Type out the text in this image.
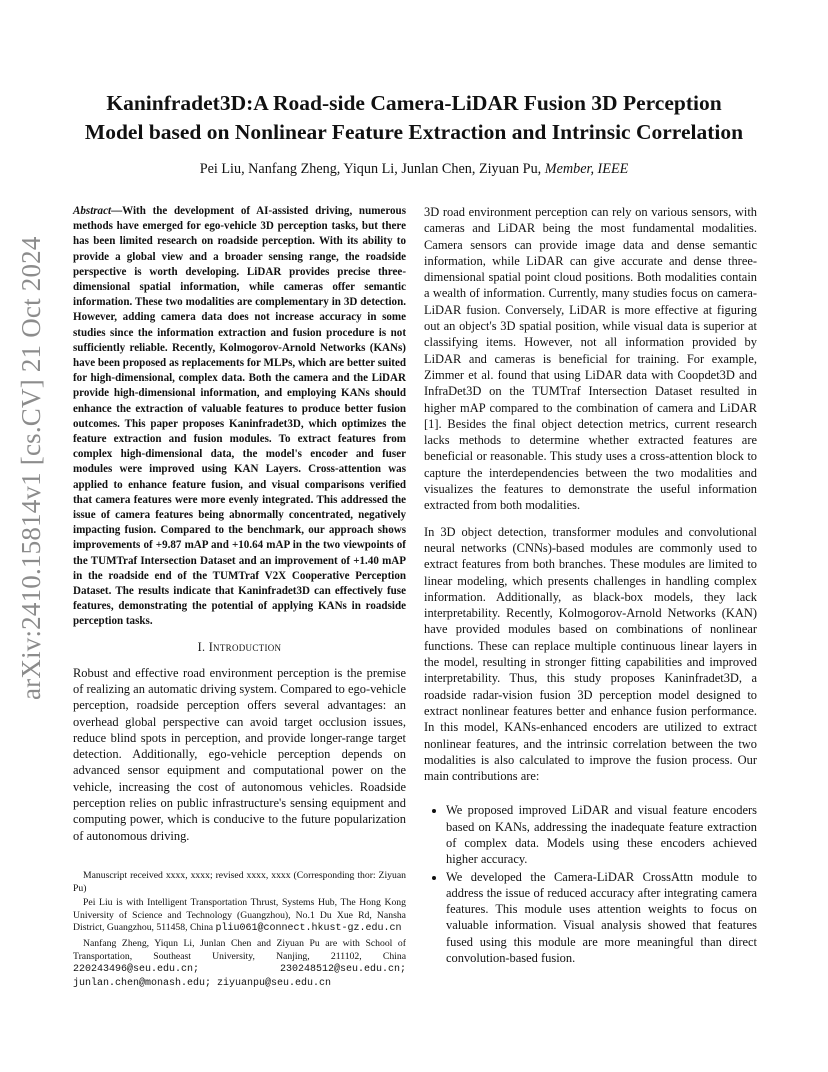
arXiv:2410.15814v1 [cs.CV] 21 Oct 2024
Kaninfradet3D:A Road-side Camera-LiDAR Fusion 3D Perception
Model based on Nonlinear Feature Extraction and Intrinsic Correlation
Pei Liu, Nanfang Zheng, Yiqun Li, Junlan Chen, Ziyuan Pu, Member, IEEE
Abstract—With the development of AI-assisted driving, numerous methods have emerged for ego-vehicle 3D perception tasks, but there has been limited research on roadside perception. With its ability to provide a global view and a broader sensing range, the roadside perspective is worth developing. LiDAR provides precise three-dimensional spatial information, while cameras offer semantic information. These two modalities are complementary in 3D detection. However, adding camera data does not increase accuracy in some studies since the information extraction and fusion procedure is not sufficiently reliable. Recently, Kolmogorov-Arnold Networks (KANs) have been proposed as replacements for MLPs, which are better suited for high-dimensional, complex data. Both the camera and the LiDAR provide high-dimensional information, and employing KANs should enhance the extraction of valuable features to produce better fusion outcomes. This paper proposes Kaninfradet3D, which optimizes the feature extraction and fusion modules. To extract features from complex high-dimensional data, the model's encoder and fuser modules were improved using KAN Layers. Cross-attention was applied to enhance feature fusion, and visual comparisons verified that camera features were more evenly integrated. This addressed the issue of camera features being abnormally concentrated, negatively impacting fusion. Compared to the benchmark, our approach shows improvements of +9.87 mAP and +10.64 mAP in the two viewpoints of the TUMTraf Intersection Dataset and an improvement of +1.40 mAP in the roadside end of the TUMTraf V2X Cooperative Perception Dataset. The results indicate that Kaninfradet3D can effectively fuse features, demonstrating the potential of applying KANs in roadside perception tasks.
I. Introduction

Robust and effective road environment perception is the premise of realizing an automatic driving system. Compared to ego-vehicle perception, roadside perception offers several advantages: an overhead global perspective can avoid target occlusion issues, reduce blind spots in perception, and provide longer-range target detection. Additionally, ego-vehicle perception depends on advanced sensor equipment and computational power on the vehicle, increasing the cost of autonomous vehicles. Roadside perception relies on public infrastructure's sensing equipment and computing power, which is conducive to the future popularization of autonomous driving.

Manuscript received xxxx, xxxx; revised xxxx, xxxx (Corresponding thor: Ziyuan Pu)

Pei Liu is with Intelligent Transportation Thrust, Systems Hub, The Hong Kong University of Science and Technology (Guangzhou), No.1 Du Xue Rd, Nansha District, Guangzhou, 511458, China pliu061@connect.hkust-gz.edu.cn

Nanfang Zheng, Yiqun Li, Junlan Chen and Ziyuan Pu are with School of Transportation, Southeast University, Nanjing, 211102, China 220243496@seu.edu.cn; 230248512@seu.edu.cn; junlan.chen@monash.edu; ziyuanpu@seu.edu.cn

3D road environment perception can rely on various sensors, with cameras and LiDAR being the most fundamental modalities. Camera sensors can provide image data and dense semantic information, while LiDAR can give accurate and dense three-dimensional spatial point cloud positions. Both modalities contain a wealth of information. Currently, many studies focus on camera-LiDAR fusion. Conversely, LiDAR is more effective at figuring out an object's 3D spatial position, while visual data is superior at classifying items. However, not all information provided by LiDAR and cameras is beneficial for training. For example, Zimmer et al. found that using LiDAR data with Coopdet3D and InfraDet3D on the TUMTraf Intersection Dataset resulted in higher mAP compared to the combination of camera and LiDAR [1]. Besides the final object detection metrics, current research lacks methods to determine whether extracted features are beneficial or reasonable. This study uses a cross-attention block to capture the interdependencies between the two modalities and visualizes the features to demonstrate the useful information extracted from both modalities.

In 3D object detection, transformer modules and convolutional neural networks (CNNs)-based modules are commonly used to extract features from both branches. These modules are limited to linear modeling, which presents challenges in handling complex information. Additionally, as black-box models, they lack interpretability. Recently, Kolmogorov-Arnold Networks (KAN) have provided modules based on combinations of nonlinear functions. These can replace multiple continuous linear layers in the model, resulting in stronger fitting capabilities and improved interpretability. Thus, this study proposes Kaninfradet3D, a roadside radar-vision fusion 3D perception model designed to extract nonlinear features better and enhance fusion performance. In this model, KANs-enhanced encoders are utilized to extract nonlinear features, and the intrinsic correlation between the two modalities is also calculated to improve the fusion process. Our main contributions are:

• We proposed improved LiDAR and visual feature encoders based on KANs, addressing the inadequate feature extraction of complex data. Models using these encoders achieved higher accuracy.
• We developed the Camera-LiDAR CrossAttn module to address the issue of reduced accuracy after integrating camera features. This module uses attention weights to focus on valuable information. Visual analysis showed that features fused using this module are more meaningful than direct convolution-based fusion.
